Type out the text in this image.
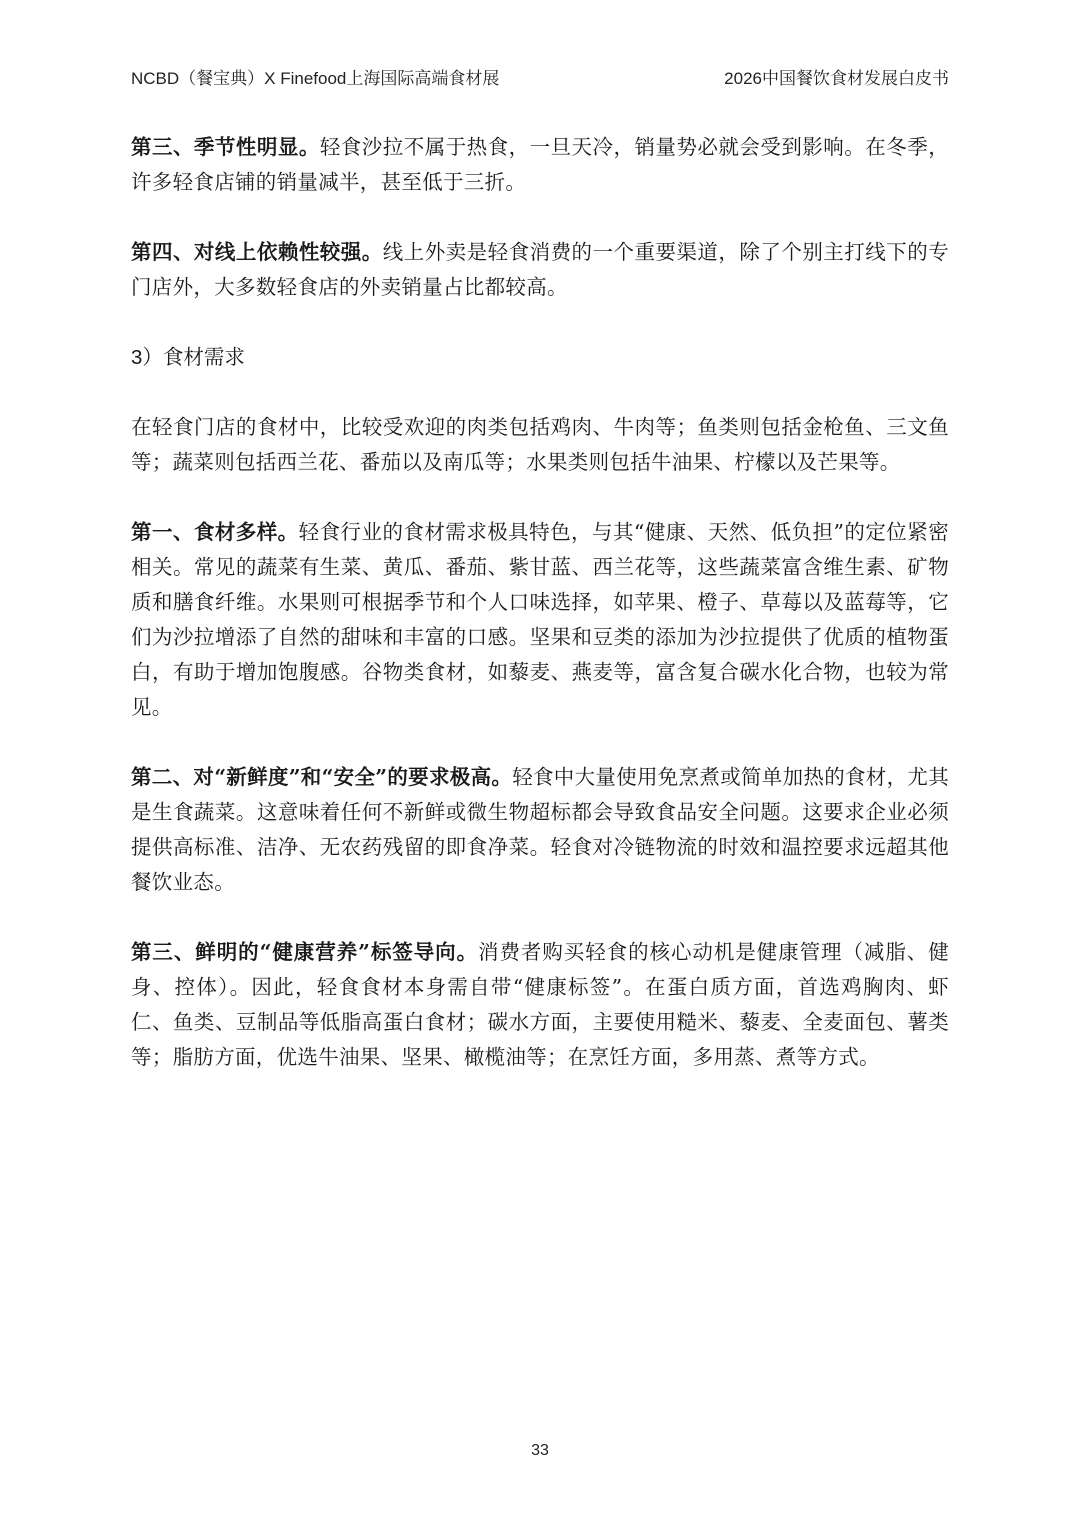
NCBD（餐宝典）X Finefood上海国际高端食材展	2026中国餐饮食材发展白皮书

第三、季节性明显。轻食沙拉不属于热食，一旦天冷，销量势必就会受到影响。在冬季，许多轻食店铺的销量减半，甚至低于三折。

第四、对线上依赖性较强。线上外卖是轻食消费的一个重要渠道，除了个别主打线下的专门店外，大多数轻食店的外卖销量占比都较高。

3）食材需求

在轻食门店的食材中，比较受欢迎的肉类包括鸡肉、牛肉等；鱼类则包括金枪鱼、三文鱼等；蔬菜则包括西兰花、番茄以及南瓜等；水果类则包括牛油果、柠檬以及芒果等。

第一、食材多样。轻食行业的食材需求极具特色，与其“健康、天然、低负担”的定位紧密相关。常见的蔬菜有生菜、黄瓜、番茄、紫甘蓝、西兰花等，这些蔬菜富含维生素、矿物质和膳食纤维。水果则可根据季节和个人口味选择，如苹果、橙子、草莓以及蓝莓等，它们为沙拉增添了自然的甜味和丰富的口感。坚果和豆类的添加为沙拉提供了优质的植物蛋白，有助于增加饱腹感。谷物类食材，如藜麦、燕麦等，富含复合碳水化合物，也较为常见。

第二、对“新鲜度”和“安全”的要求极高。轻食中大量使用免烹煮或简单加热的食材，尤其是生食蔬菜。这意味着任何不新鲜或微生物超标都会导致食品安全问题。这要求企业必须提供高标准、洁净、无农药残留的即食净菜。轻食对冷链物流的时效和温控要求远超其他餐饮业态。

第三、鲜明的“健康营养”标签导向。消费者购买轻食的核心动机是健康管理（减脂、健身、控体）。因此，轻食食材本身需自带“健康标签”。在蛋白质方面，首选鸡胸肉、虾仁、鱼类、豆制品等低脂高蛋白食材；碳水方面，主要使用糙米、藜麦、全麦面包、薯类等；脂肪方面，优选牛油果、坚果、橄榄油等；在烹饪方面，多用蒸、煮等方式。

33
